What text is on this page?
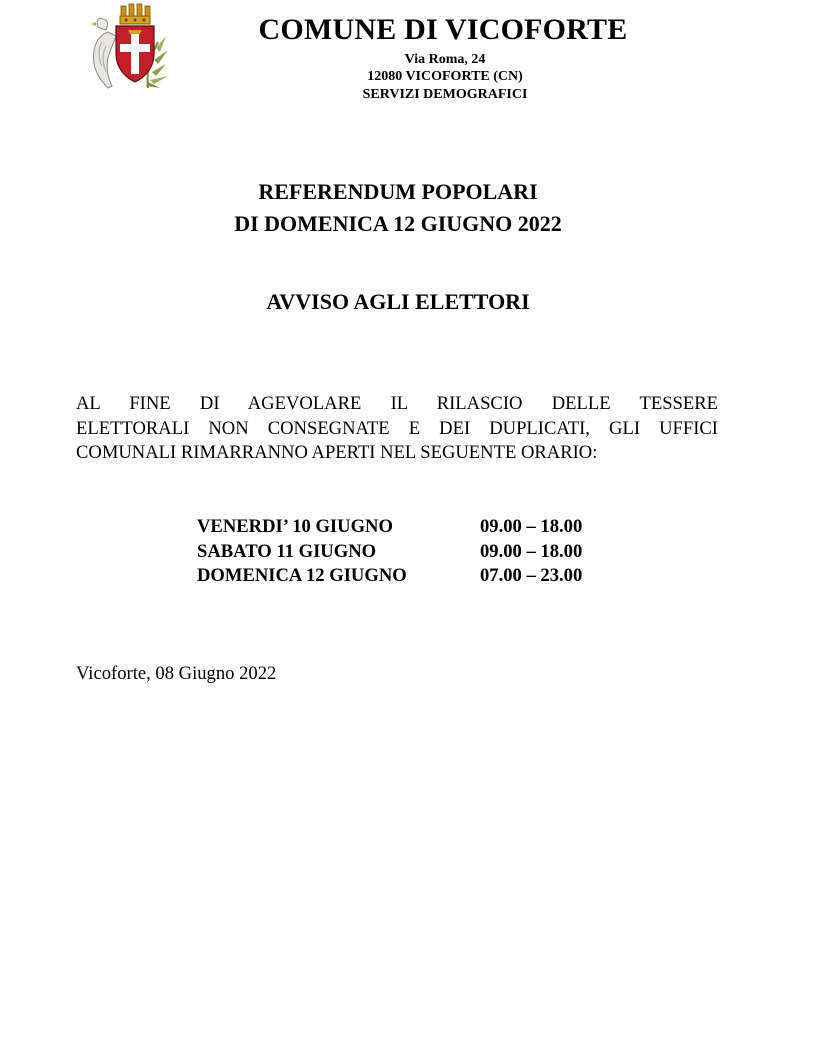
COMUNE DI VICOFORTE
Via Roma, 24
12080 VICOFORTE (CN)
SERVIZI DEMOGRAFICI
REFERENDUM POPOLARI
DI DOMENICA 12 GIUGNO 2022
AVVISO AGLI ELETTORI
AL FINE DI AGEVOLARE IL RILASCIO DELLE TESSERE
ELETTORALI NON CONSEGNATE E DEI DUPLICATI, GLI UFFICI
COMUNALI RIMARRANNO APERTI NEL SEGUENTE ORARIO:
VENERDI’ 10 GIUGNO	09.00 – 18.00
SABATO 11 GIUGNO	09.00 – 18.00
DOMENICA 12 GIUGNO	07.00 – 23.00
Vicoforte, 08 Giugno 2022
